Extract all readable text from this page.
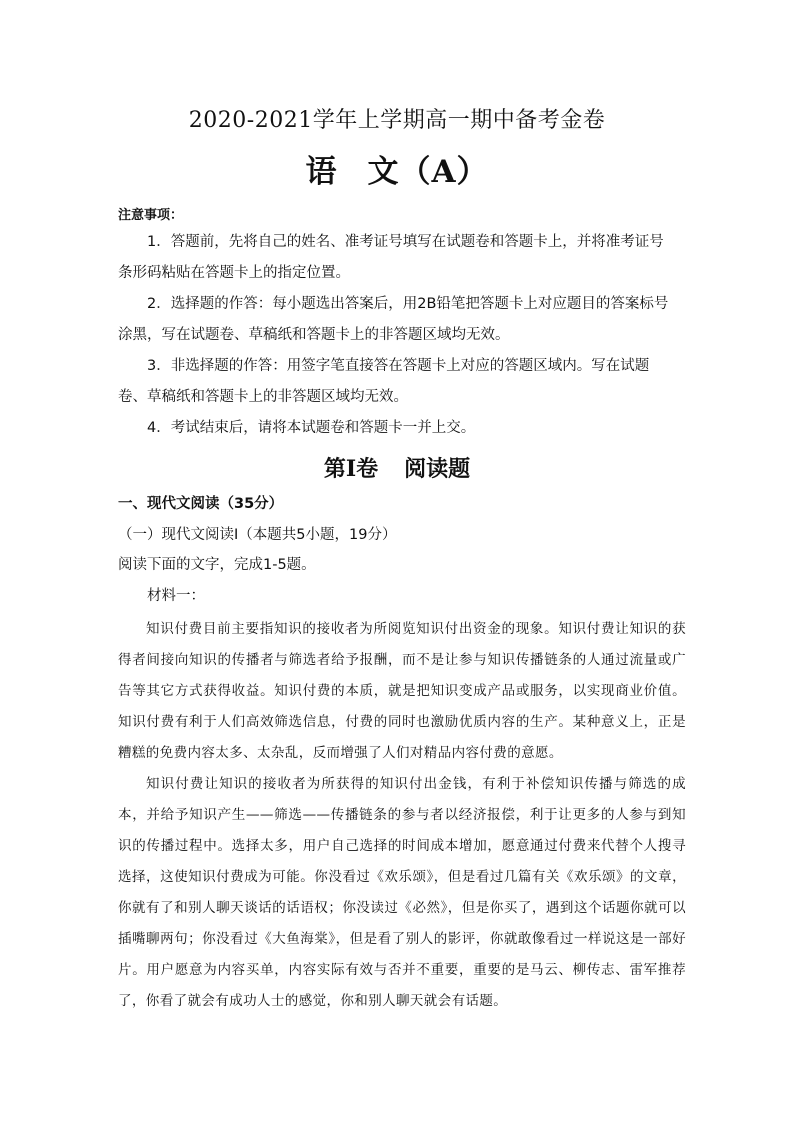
2020-2021学年上学期高一期中备考金卷
语 文（A）
注意事项：

1．答题前，先将自己的姓名、准考证号填写在试题卷和答题卡上，并将准考证号条形码粘贴在答题卡上的指定位置。

2．选择题的作答：每小题选出答案后，用2B铅笔把答题卡上对应题目的答案标号涂黑，写在试题卷、草稿纸和答题卡上的非答题区域均无效。

3．非选择题的作答：用签字笔直接答在答题卡上对应的答题区域内。写在试题卷、草稿纸和答题卡上的非答题区域均无效。

4．考试结束后，请将本试题卷和答题卡一并上交。

第Ⅰ卷 阅读题
一、现代文阅读（35分）

（一）现代文阅读Ⅰ（本题共5小题，19分）

阅读下面的文字，完成1-5题。

材料一：

知识付费目前主要指知识的接收者为所阅览知识付出资金的现象。知识付费让知识的获得者间接向知识的传播者与筛选者给予报酬，而不是让参与知识传播链条的人通过流量或广告等其它方式获得收益。知识付费的本质，就是把知识变成产品或服务，以实现商业价值。知识付费有利于人们高效筛选信息，付费的同时也激励优质内容的生产。某种意义上，正是糟糕的免费内容太多、太杂乱，反而增强了人们对精品内容付费的意愿。

知识付费让知识的接收者为所获得的知识付出金钱，有利于补偿知识传播与筛选的成本，并给予知识产生——筛选——传播链条的参与者以经济报偿，利于让更多的人参与到知识的传播过程中。选择太多，用户自己选择的时间成本增加，愿意通过付费来代替个人搜寻选择，这使知识付费成为可能。你没看过《欢乐颂》，但是看过几篇有关《欢乐颂》的文章，你就有了和别人聊天谈话的话语权；你没读过《必然》，但是你买了，遇到这个话题你就可以插嘴聊两句；你没看过《大鱼海棠》，但是看了别人的影评，你就敢像看过一样说这是一部好片。用户愿意为内容买单，内容实际有效与否并不重要，重要的是马云、柳传志、雷军推荐了，你看了就会有成功人士的感觉，你和别人聊天就会有话题。
